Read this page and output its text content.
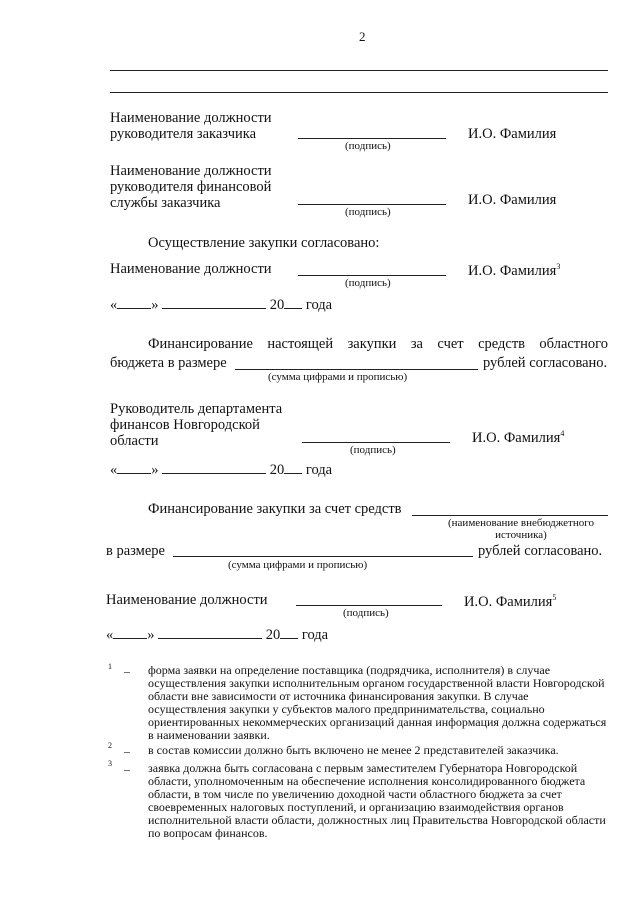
2
Наименование должности
руководителя заказчика
(подпись)
И.О. Фамилия
Наименование должности
руководителя финансовой
службы заказчика
(подпись)
И.О. Фамилия
Осуществление закупки согласовано:
Наименование должности
(подпись)
И.О. Фамилия$^3$
« »	20 года
Финансирование настоящей закупки за счет средств областного
бюджета в размере	рублей согласовано.
(сумма цифрами и прописью)
Руководитель департамента
финансов Новгородской
области
(подпись)
И.О. Фамилия$^4$
« »	20 года
Финансирование закупки за счет средств
(наименование внебюджетного
источника)
в размере	рублей согласовано.
(сумма цифрами и прописью)
Наименование должности
(подпись)
И.О. Фамилия$^5$
« »	20 года
1 – форма заявки на определение поставщика (подрядчика, исполнителя) в случае осуществления закупки исполнительным органом государственной власти Новгородской области вне зависимости от источника финансирования закупки. В случае осуществления закупки у субъектов малого предпринимательства, социально ориентированных некоммерческих организаций данная информация должна содержаться в наименовании заявки.
2 – в состав комиссии должно быть включено не менее 2 представителей заказчика.
3 – заявка должна быть согласована с первым заместителем Губернатора Новгородской области, уполномоченным на обеспечение исполнения консолидированного бюджета области, в том числе по увеличению доходной части областного бюджета за счет своевременных налоговых поступлений, и организацию взаимодействия органов исполнительной власти области, должностных лиц Правительства Новгородской области по вопросам финансов.
